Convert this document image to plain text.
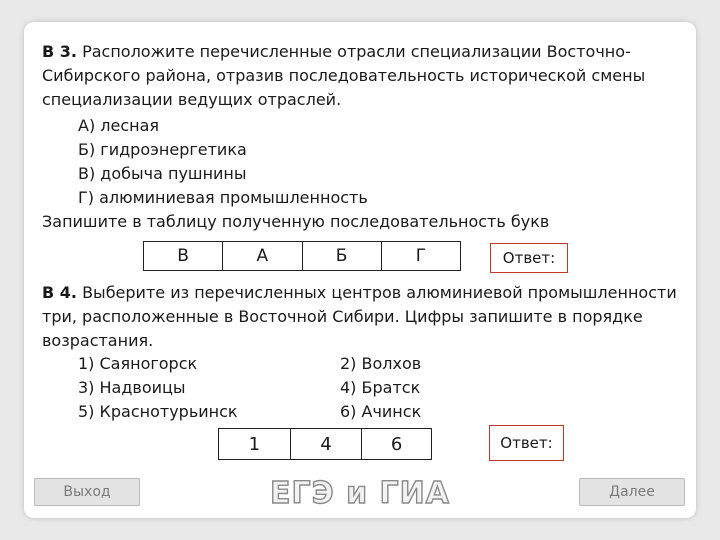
В 3. Расположите перечисленные отрасли специализации Восточно-
Сибирского района, отразив последовательность исторической смены
специализации ведущих отраслей.
А) лесная
Б) гидроэнергетика
В) добыча пушнины
Г) алюминиевая промышленность
Запишите в таблицу полученную последовательность букв
В	А	Б	Г	Ответ:
В 4. Выберите из перечисленных центров алюминиевой промышленности
три, расположенные в Восточной Сибири. Цифры запишите в порядке
возрастания.
1) Саяногорск	2) Волхов
3) Надвоицы	4) Братск
5) Краснотурьинск	6) Ачинск
1	4	6	Ответ:
Выход	Далее
ЕГЭ и ГИА
